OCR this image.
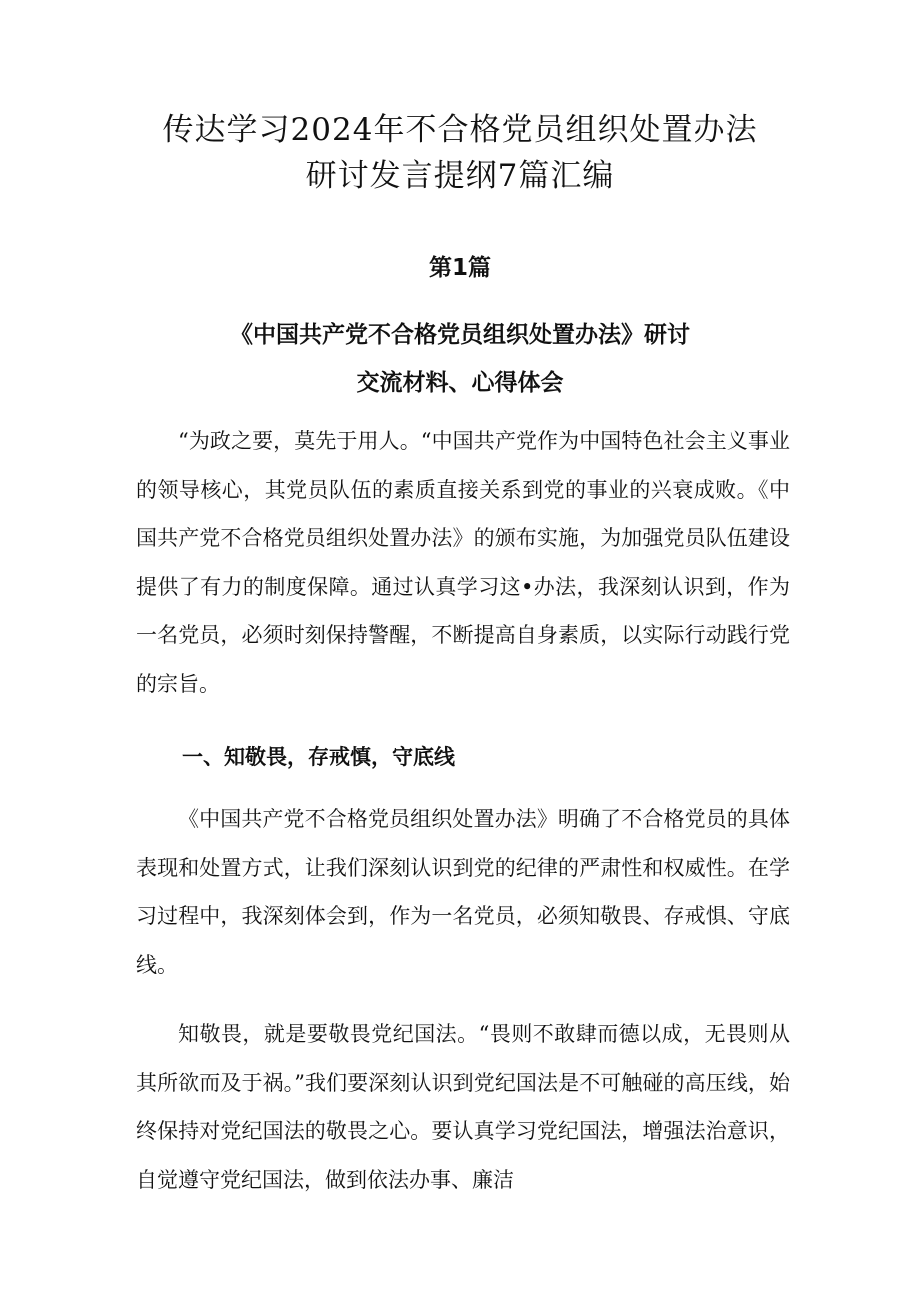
传达学习2024年不合格党员组织处置办法
研讨发言提纲7篇汇编
第1篇
《中国共产党不合格党员组织处置办法》研讨
交流材料、心得体会

“为政之要，莫先于用人。“中国共产党作为中国特色社会主义事业的领导核心，其党员队伍的素质直接关系到党的事业的兴衰成败。《中国共产党不合格党员组织处置办法》的颁布实施，为加强党员队伍建设提供了有力的制度保障。通过认真学习这•办法，我深刻认识到，作为一名党员，必须时刻保持警醒，不断提高自身素质，以实际行动践行党的宗旨。

一、知敬畏，存戒慎，守底线

《中国共产党不合格党员组织处置办法》明确了不合格党员的具体表现和处置方式，让我们深刻认识到党的纪律的严肃性和权威性。在学习过程中，我深刻体会到，作为一名党员，必须知敬畏、存戒惧、守底线。

知敬畏，就是要敬畏党纪国法。“畏则不敢肆而德以成，无畏则从其所欲而及于祸。”我们要深刻认识到党纪国法是不可触碰的高压线，始终保持对党纪国法的敬畏之心。要认真学习党纪国法，增强法治意识，自觉遵守党纪国法，做到依法办事、廉洁
